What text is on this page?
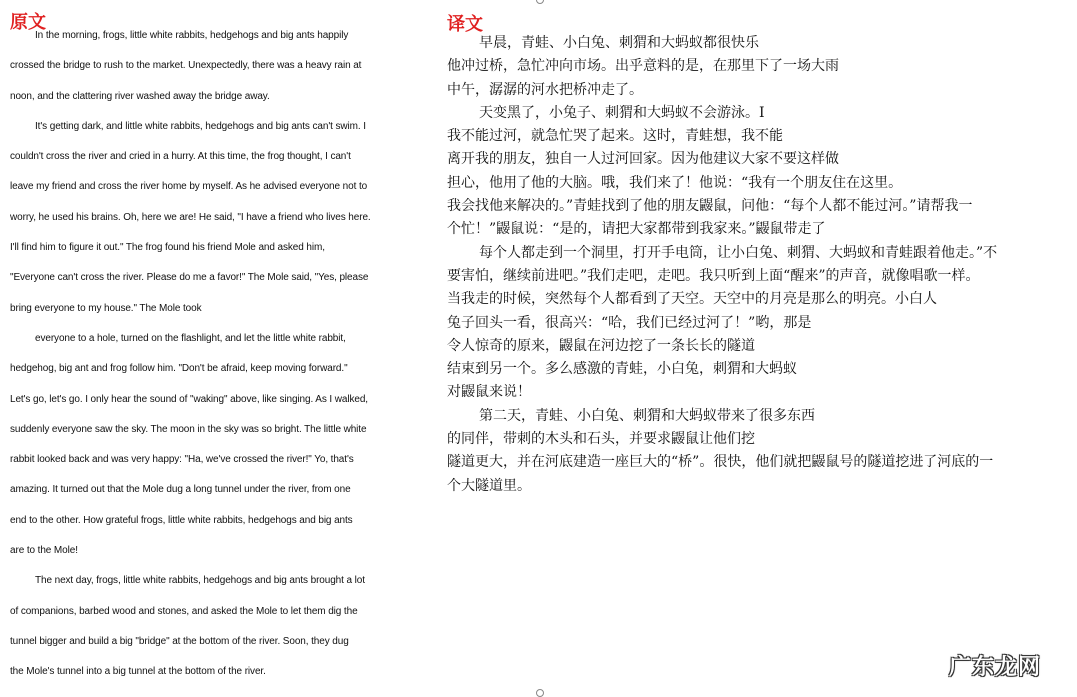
原文
In the morning, frogs, little white rabbits, hedgehogs and big ants happily
crossed the bridge to rush to the market. Unexpectedly, there was a heavy rain at
noon, and the clattering river washed away the bridge away.
It's getting dark, and little white rabbits, hedgehogs and big ants can't swim. I
couldn't cross the river and cried in a hurry. At this time, the frog thought, I can't
leave my friend and cross the river home by myself. As he advised everyone not to
worry, he used his brains. Oh, here we are! He said, "I have a friend who lives here.
I'll find him to figure it out." The frog found his friend Mole and asked him,
"Everyone can't cross the river. Please do me a favor!" The Mole said, "Yes, please
bring everyone to my house." The Mole took
everyone to a hole, turned on the flashlight, and let the little white rabbit,
hedgehog, big ant and frog follow him. "Don't be afraid, keep moving forward."
Let's go, let's go. I only hear the sound of "waking" above, like singing. As I walked,
suddenly everyone saw the sky. The moon in the sky was so bright. The little white
rabbit looked back and was very happy: "Ha, we've crossed the river!" Yo, that's
amazing. It turned out that the Mole dug a long tunnel under the river, from one
end to the other. How grateful frogs, little white rabbits, hedgehogs and big ants
are to the Mole!
The next day, frogs, little white rabbits, hedgehogs and big ants brought a lot
of companions, barbed wood and stones, and asked the Mole to let them dig the
tunnel bigger and build a big "bridge" at the bottom of the river. Soon, they dug
the Mole's tunnel into a big tunnel at the bottom of the river.
译文
早晨，青蛙、小白兔、刺猬和大蚂蚁都很快乐
他冲过桥，急忙冲向市场。出乎意料的是，在那里下了一场大雨
中午，潺潺的河水把桥冲走了。
天变黑了，小兔子、刺猬和大蚂蚁不会游泳。I
我不能过河，就急忙哭了起来。这时，青蛙想，我不能
离开我的朋友，独自一人过河回家。因为他建议大家不要这样做
担心，他用了他的大脑。哦，我们来了！他说：“我有一个朋友住在这里。
我会找他来解决的。”青蛙找到了他的朋友鼹鼠，问他：“每个人都不能过河。”请帮我一
个忙！”鼹鼠说：“是的，请把大家都带到我家来。”鼹鼠带走了
每个人都走到一个洞里，打开手电筒，让小白兔、刺猬、大蚂蚁和青蛙跟着他走。”不
要害怕，继续前进吧。”我们走吧，走吧。我只听到上面“醒来”的声音，就像唱歌一样。
当我走的时候，突然每个人都看到了天空。天空中的月亮是那么的明亮。小白人
兔子回头一看，很高兴：“哈，我们已经过河了！”哟，那是
令人惊奇的原来，鼹鼠在河边挖了一条长长的隧道
结束到另一个。多么感激的青蛙，小白兔，刺猬和大蚂蚁
对鼹鼠来说！
第二天，青蛙、小白兔、刺猬和大蚂蚁带来了很多东西
的同伴，带刺的木头和石头，并要求鼹鼠让他们挖
隧道更大，并在河底建造一座巨大的“桥”。很快，他们就把鼹鼠号的隧道挖进了河底的一
个大隧道里。
广东龙网
